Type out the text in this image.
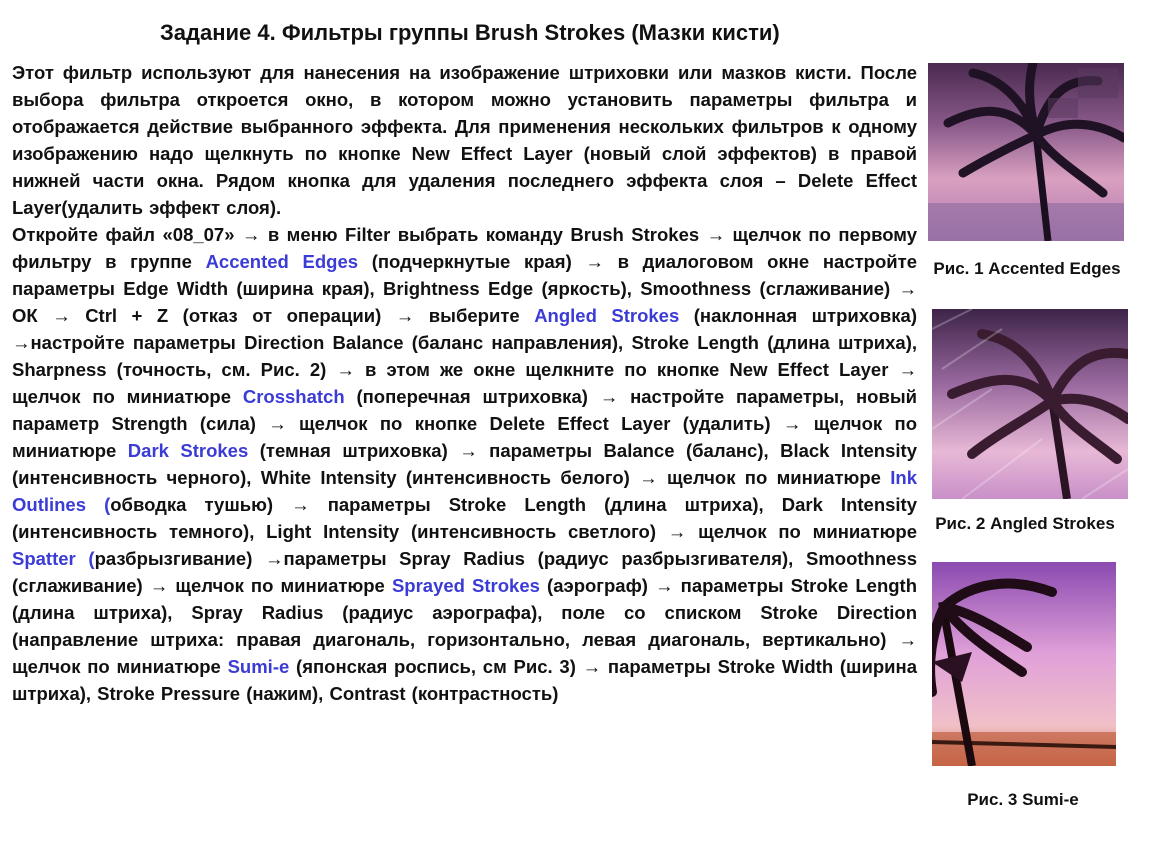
Задание 4. Фильтры группы Brush Strokes (Мазки кисти)

Этот фильтр используют для нанесения на изображение штриховки или мазков кисти. После выбора фильтра откроется окно, в котором можно установить параметры фильтра и отображается действие выбранного эффекта. Для применения нескольких фильтров к одному изображению надо щелкнуть по кнопке New Effect Layer (новый слой эффектов) в правой нижней части окна. Рядом кнопка для удаления последнего эффекта слоя – Delete Effect Layer(удалить эффект слоя).

Откройте файл «08_07» → в меню Filter выбрать команду Brush Strokes → щелчок по первому фильтру в группе Accented Edges (подчеркнутые края) → в диалоговом окне настройте параметры Edge Width (ширина края), Brightness Edge (яркость), Smoothness (сглаживание) → ОК → Ctrl + Z (отказ от операции) → выберите Angled Strokes (наклонная штриховка) →настройте параметры Direction Balance (баланс направления), Stroke Length (длина штриха), Sharpness (точность, см. Рис. 2) → в этом же окне щелкните по кнопке New Effect Layer → щелчок по миниатюре Crosshatch (поперечная штриховка) → настройте параметры, новый параметр Strength (сила) → щелчок по кнопке Delete Effect Layer (удалить) → щелчок по миниатюре Dark Strokes (темная штриховка) → параметры Balance (баланс), Black Intensity (интенсивность черного), White Intensity (интенсивность белого) → щелчок по миниатюре Ink Outlines (обводка тушью) → параметры Stroke Length (длина штриха), Dark Intensity (интенсивность темного), Light Intensity (интенсивность светлого) → щелчок по миниатюре Spatter (разбрызгивание) →параметры Spray Radius (радиус разбрызгивателя), Smoothness (сглаживание) → щелчок по миниатюре Sprayed Strokes (аэрограф) → параметры Stroke Length (длина штриха), Spray Radius (радиус аэрографа), поле со списком Stroke Direction (направление штриха: правая диагональ, горизонтально, левая диагональ, вертикально) → щелчок по миниатюре Sumi-e (японская роспись, см Рис. 3) → параметры Stroke Width (ширина штриха), Stroke Pressure (нажим), Contrast (контрастность)

Рис. 1 Accented Edges
Рис. 2 Angled Strokes
Рис. 3 Sumi-e
